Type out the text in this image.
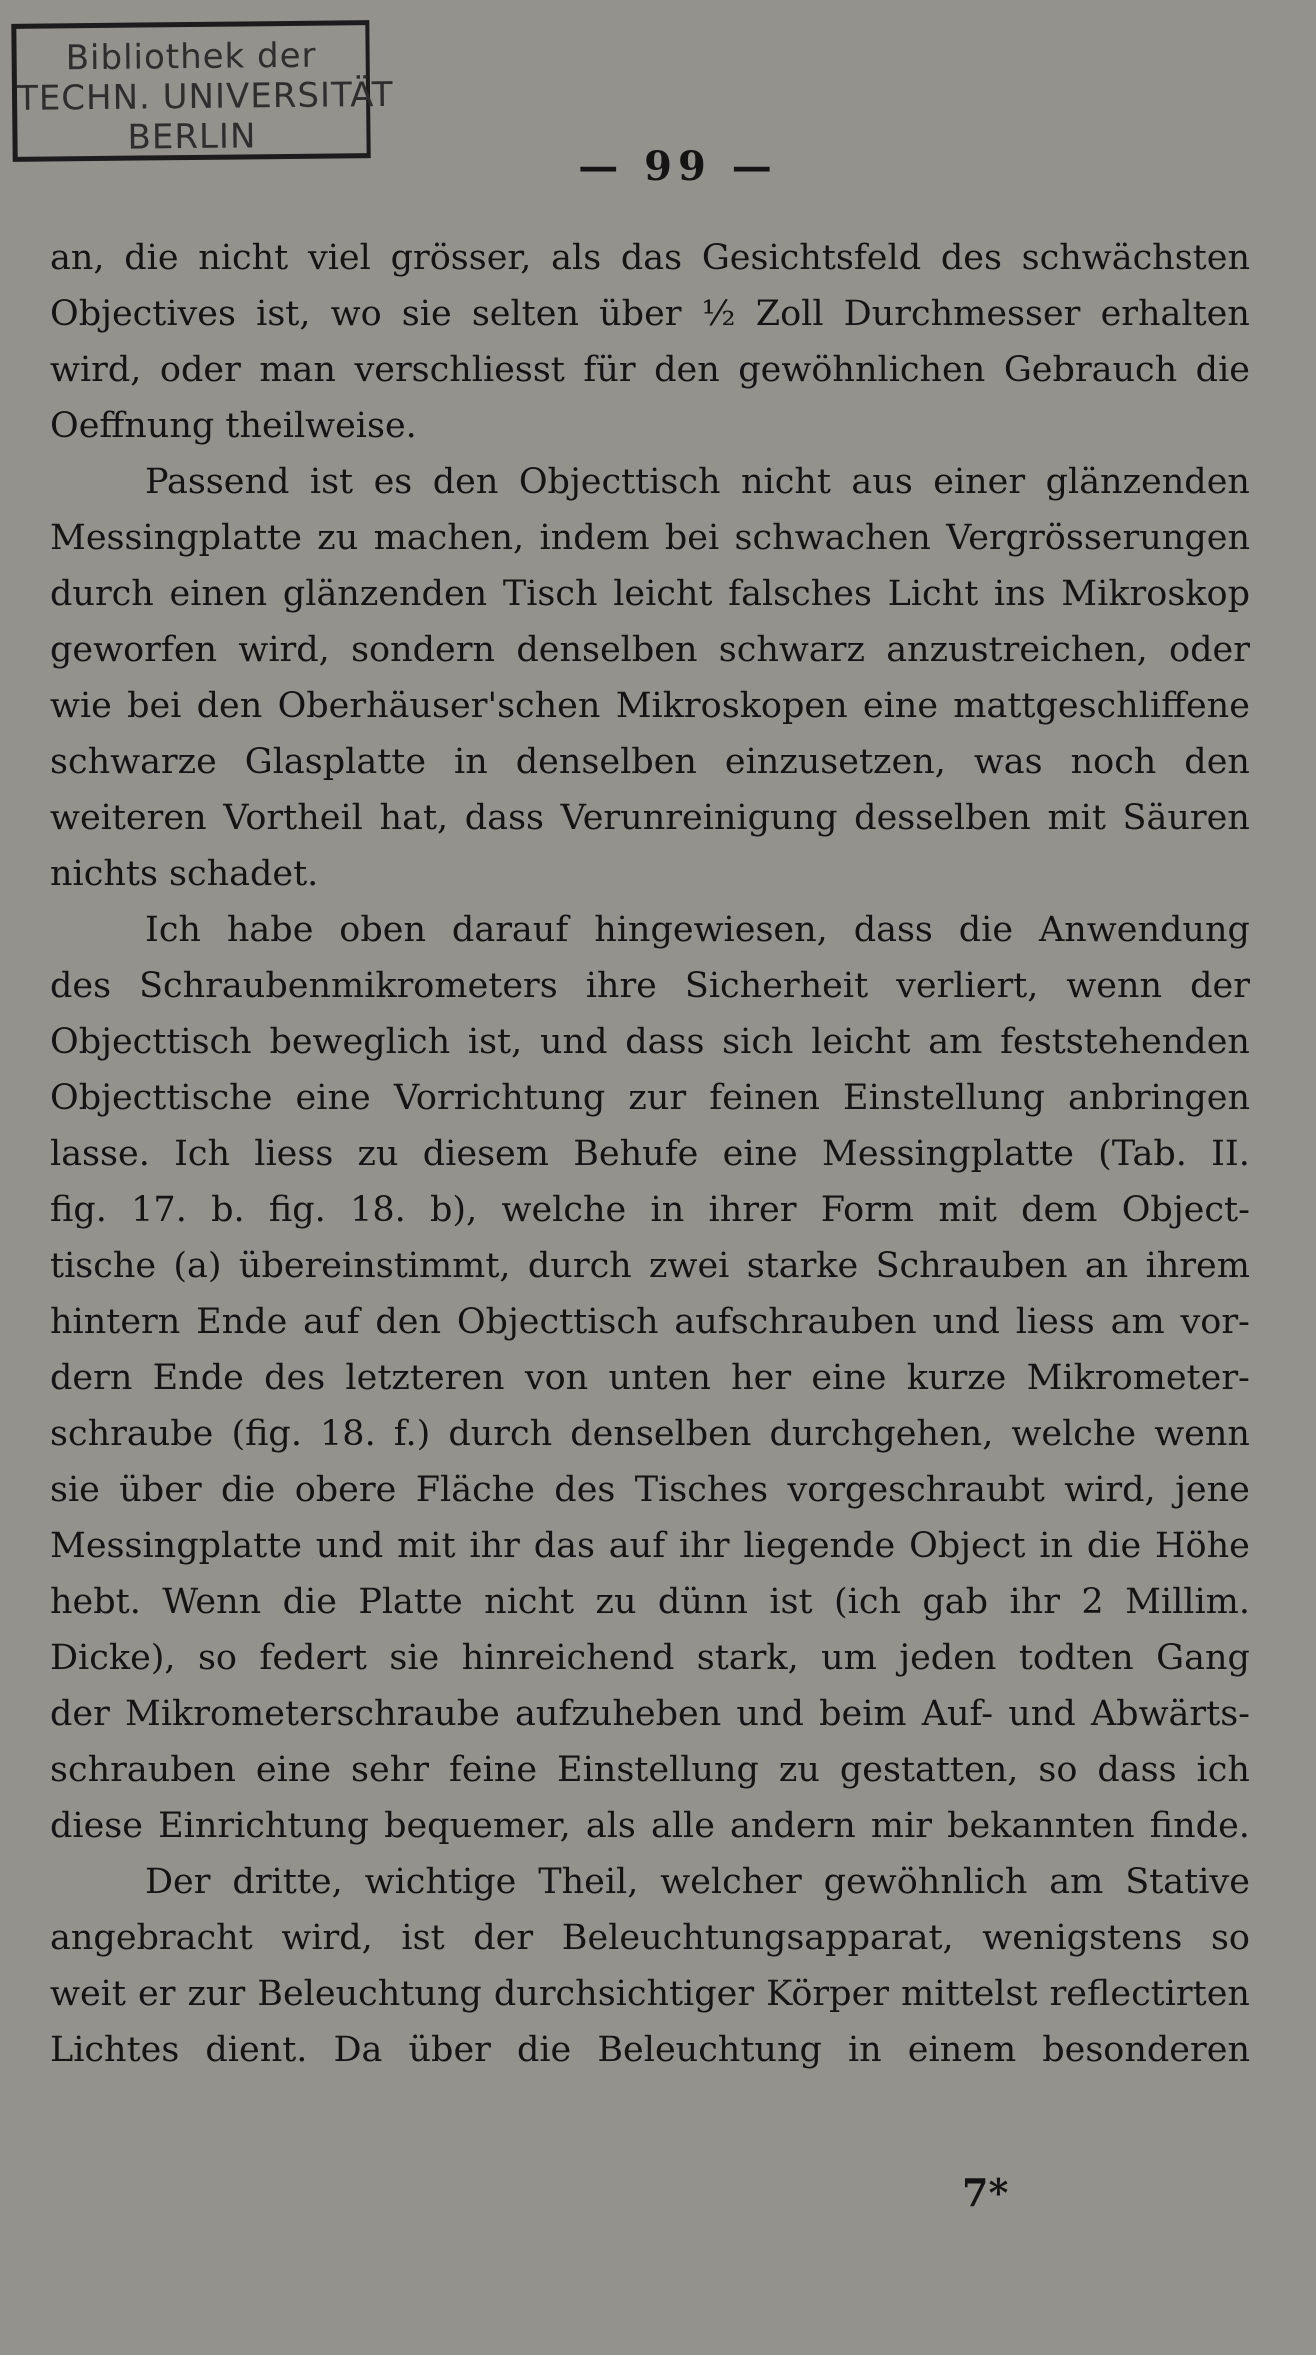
Bibliothek der
TECHN. UNIVERSITÄT
BERLIN
— 99 —
an, die nicht viel grösser, als das Gesichtsfeld des schwächsten
Objectives ist, wo sie selten über ½ Zoll Durchmesser erhalten
wird, oder man verschliesst für den gewöhnlichen Gebrauch die
Oeffnung theilweise.
Passend ist es den Objecttisch nicht aus einer glänzenden
Messingplatte zu machen, indem bei schwachen Vergrösserungen
durch einen glänzenden Tisch leicht falsches Licht ins Mikroskop
geworfen wird, sondern denselben schwarz anzustreichen, oder
wie bei den Oberhäuser'schen Mikroskopen eine mattgeschliffene
schwarze Glasplatte in denselben einzusetzen, was noch den
weiteren Vortheil hat, dass Verunreinigung desselben mit Säuren
nichts schadet.
Ich habe oben darauf hingewiesen, dass die Anwendung
des Schraubenmikrometers ihre Sicherheit verliert, wenn der
Objecttisch beweglich ist, und dass sich leicht am feststehenden
Objecttische eine Vorrichtung zur feinen Einstellung anbringen
lasse. Ich liess zu diesem Behufe eine Messingplatte (Tab. II.
fig. 17. b. fig. 18. b), welche in ihrer Form mit dem Object-
tische (a) übereinstimmt, durch zwei starke Schrauben an ihrem
hintern Ende auf den Objecttisch aufschrauben und liess am vor-
dern Ende des letzteren von unten her eine kurze Mikrometer-
schraube (fig. 18. f.) durch denselben durchgehen, welche wenn
sie über die obere Fläche des Tisches vorgeschraubt wird, jene
Messingplatte und mit ihr das auf ihr liegende Object in die Höhe
hebt. Wenn die Platte nicht zu dünn ist (ich gab ihr 2 Millim.
Dicke), so federt sie hinreichend stark, um jeden todten Gang
der Mikrometerschraube aufzuheben und beim Auf- und Abwärts-
schrauben eine sehr feine Einstellung zu gestatten, so dass ich
diese Einrichtung bequemer, als alle andern mir bekannten finde.
Der dritte, wichtige Theil, welcher gewöhnlich am Stative
angebracht wird, ist der Beleuchtungsapparat, wenigstens so
weit er zur Beleuchtung durchsichtiger Körper mittelst reflectirten
Lichtes dient. Da über die Beleuchtung in einem besonderen
7*
